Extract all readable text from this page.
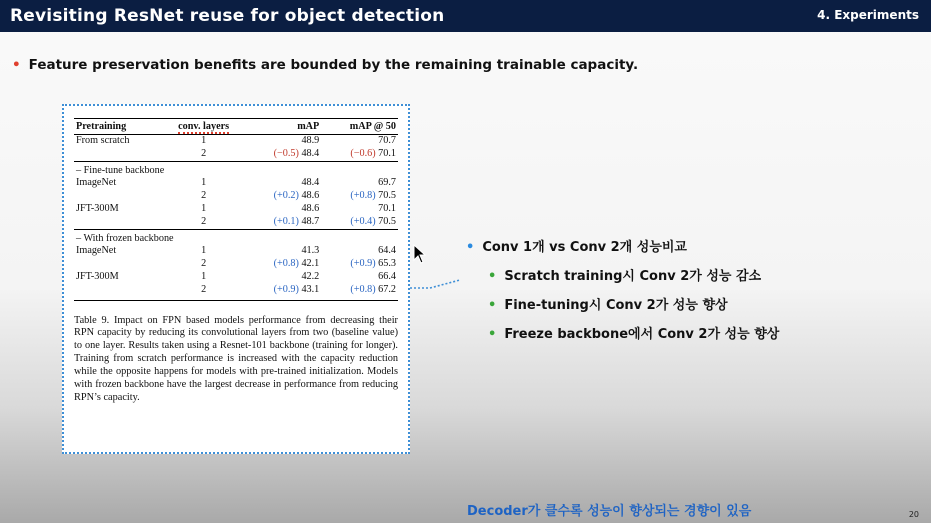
Revisiting ResNet reuse for object detection	4. Experiments
• Feature preservation benefits are bounded by the remaining trainable capacity.
Pretraining	conv. layers	mAP	mAP @ 50
From scratch	1	48.9	70.7
	2	(−0.5) 48.4	(−0.6) 70.1
– Fine-tune backbone			
ImageNet	1	48.4	69.7
	2	(+0.2) 48.6	(+0.8) 70.5
JFT-300M	1	48.6	70.1
	2	(+0.1) 48.7	(+0.4) 70.5
– With frozen backbone			
ImageNet	1	41.3	64.4
	2	(+0.8) 42.1	(+0.9) 65.3
JFT-300M	1	42.2	66.4
	2	(+0.9) 43.1	(+0.8) 67.2
Table 9. Impact on FPN based models performance from decreasing their RPN capacity by reducing its convolutional layers from two (baseline value) to one layer. Results taken using a Resnet-101 backbone (training for longer). Training from scratch performance is increased with the capacity reduction while the opposite happens for models with pre-trained initialization. Models with frozen backbone have the largest decrease in performance from reducing RPN’s capacity.
• Conv 1개 vs Conv 2개 성능비교
• Scratch training시 Conv 2가 성능 감소
• Fine-tuning시 Conv 2가 성능 향상
• Freeze backbone에서 Conv 2가 성능 향상
Decoder가 클수록 성능이 향상되는 경향이 있음	20
